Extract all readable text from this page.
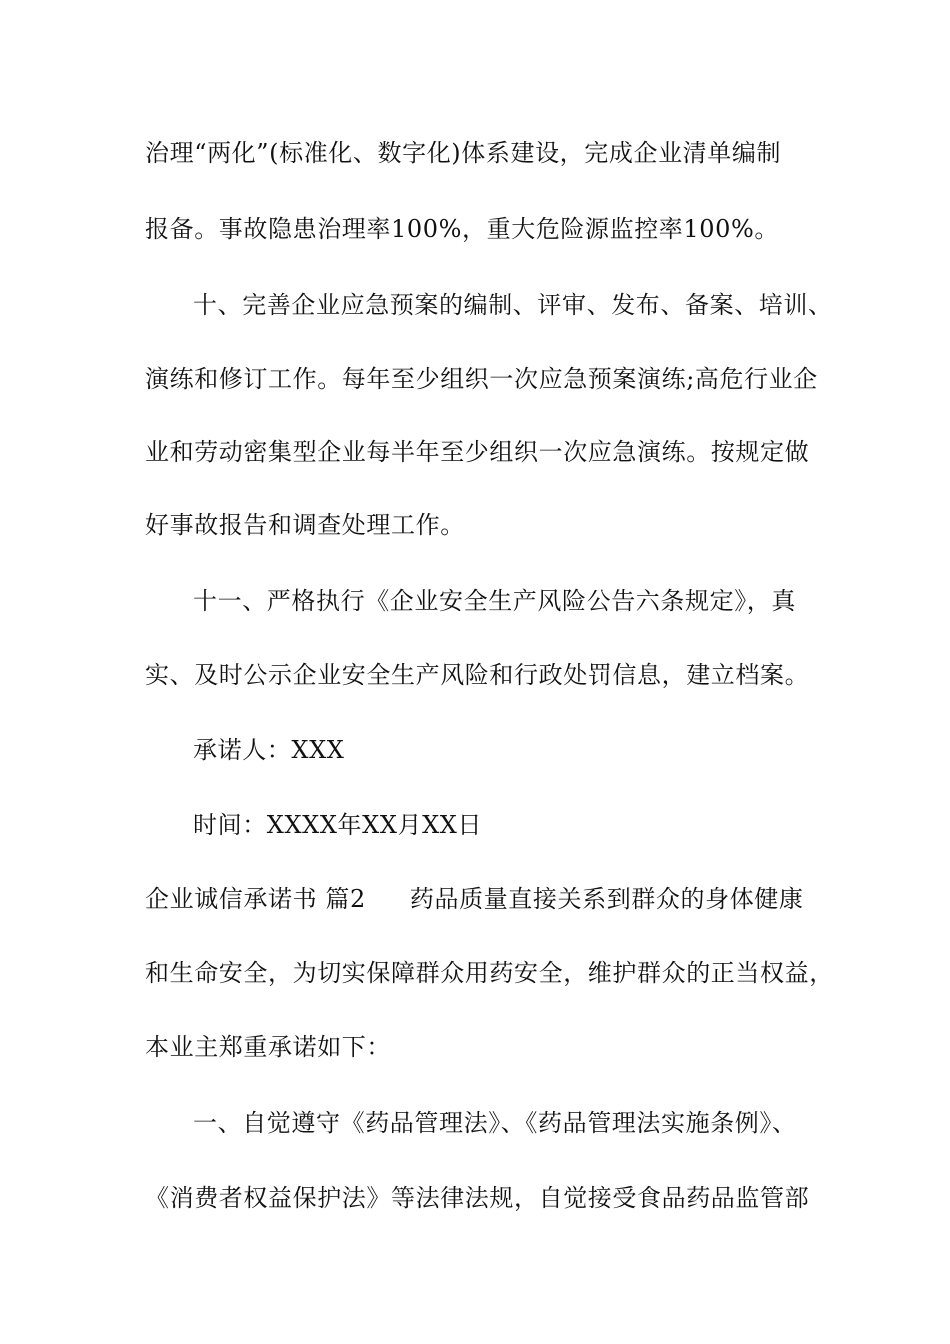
治理“两化”(标准化、数字化)体系建设，完成企业清单编制
报备。事故隐患治理率100%，重大危险源监控率100%。
十、完善企业应急预案的编制、评审、发布、备案、培训、
演练和修订工作。每年至少组织一次应急预案演练;高危行业企
业和劳动密集型企业每半年至少组织一次应急演练。按规定做
好事故报告和调查处理工作。
十一、严格执行《企业安全生产风险公告六条规定》，真
实、及时公示企业安全生产风险和行政处罚信息，建立档案。
承诺人：XXX
时间：XXXX年XX月XX日
企业诚信承诺书 篇2 药品质量直接关系到群众的身体健康
和生命安全，为切实保障群众用药安全，维护群众的正当权益，
本业主郑重承诺如下：
一、自觉遵守《药品管理法》、《药品管理法实施条例》、
《消费者权益保护法》等法律法规，自觉接受食品药品监管部
